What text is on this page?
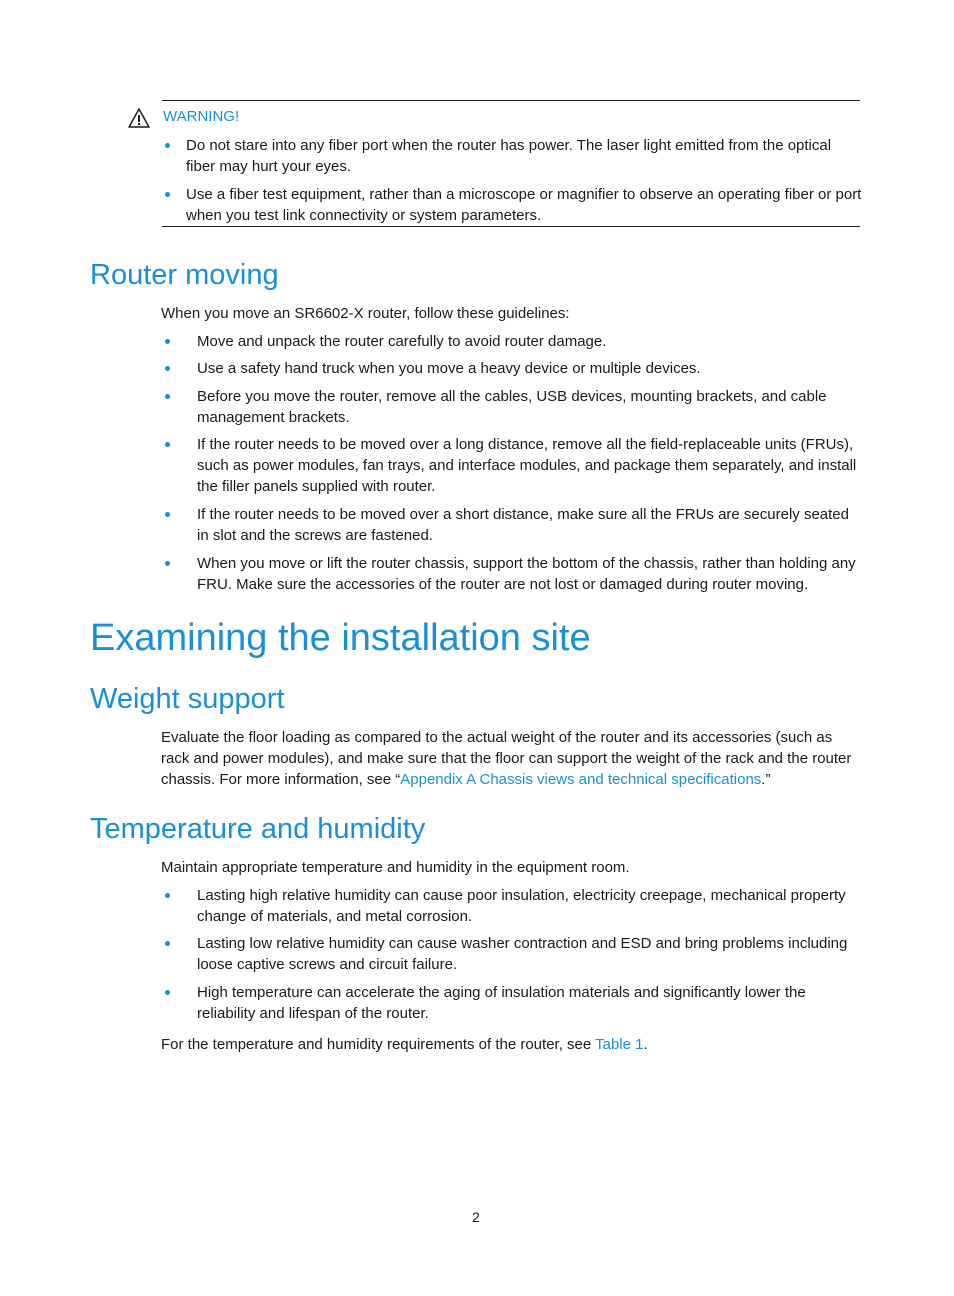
WARNING!
Do not stare into any fiber port when the router has power. The laser light emitted from the optical fiber may hurt your eyes.
Use a fiber test equipment, rather than a microscope or magnifier to observe an operating fiber or port when you test link connectivity or system parameters.
Router moving
When you move an SR6602-X router, follow these guidelines:
Move and unpack the router carefully to avoid router damage.
Use a safety hand truck when you move a heavy device or multiple devices.
Before you move the router, remove all the cables, USB devices, mounting brackets, and cable management brackets.
If the router needs to be moved over a long distance, remove all the field-replaceable units (FRUs), such as power modules, fan trays, and interface modules, and package them separately, and install the filler panels supplied with router.
If the router needs to be moved over a short distance, make sure all the FRUs are securely seated in slot and the screws are fastened.
When you move or lift the router chassis, support the bottom of the chassis, rather than holding any FRU. Make sure the accessories of the router are not lost or damaged during router moving.
Examining the installation site
Weight support
Evaluate the floor loading as compared to the actual weight of the router and its accessories (such as rack and power modules), and make sure that the floor can support the weight of the rack and the router chassis. For more information, see “Appendix A Chassis views and technical specifications.”
Temperature and humidity
Maintain appropriate temperature and humidity in the equipment room.
Lasting high relative humidity can cause poor insulation, electricity creepage, mechanical property change of materials, and metal corrosion.
Lasting low relative humidity can cause washer contraction and ESD and bring problems including loose captive screws and circuit failure.
High temperature can accelerate the aging of insulation materials and significantly lower the reliability and lifespan of the router.
For the temperature and humidity requirements of the router, see Table 1.
2
